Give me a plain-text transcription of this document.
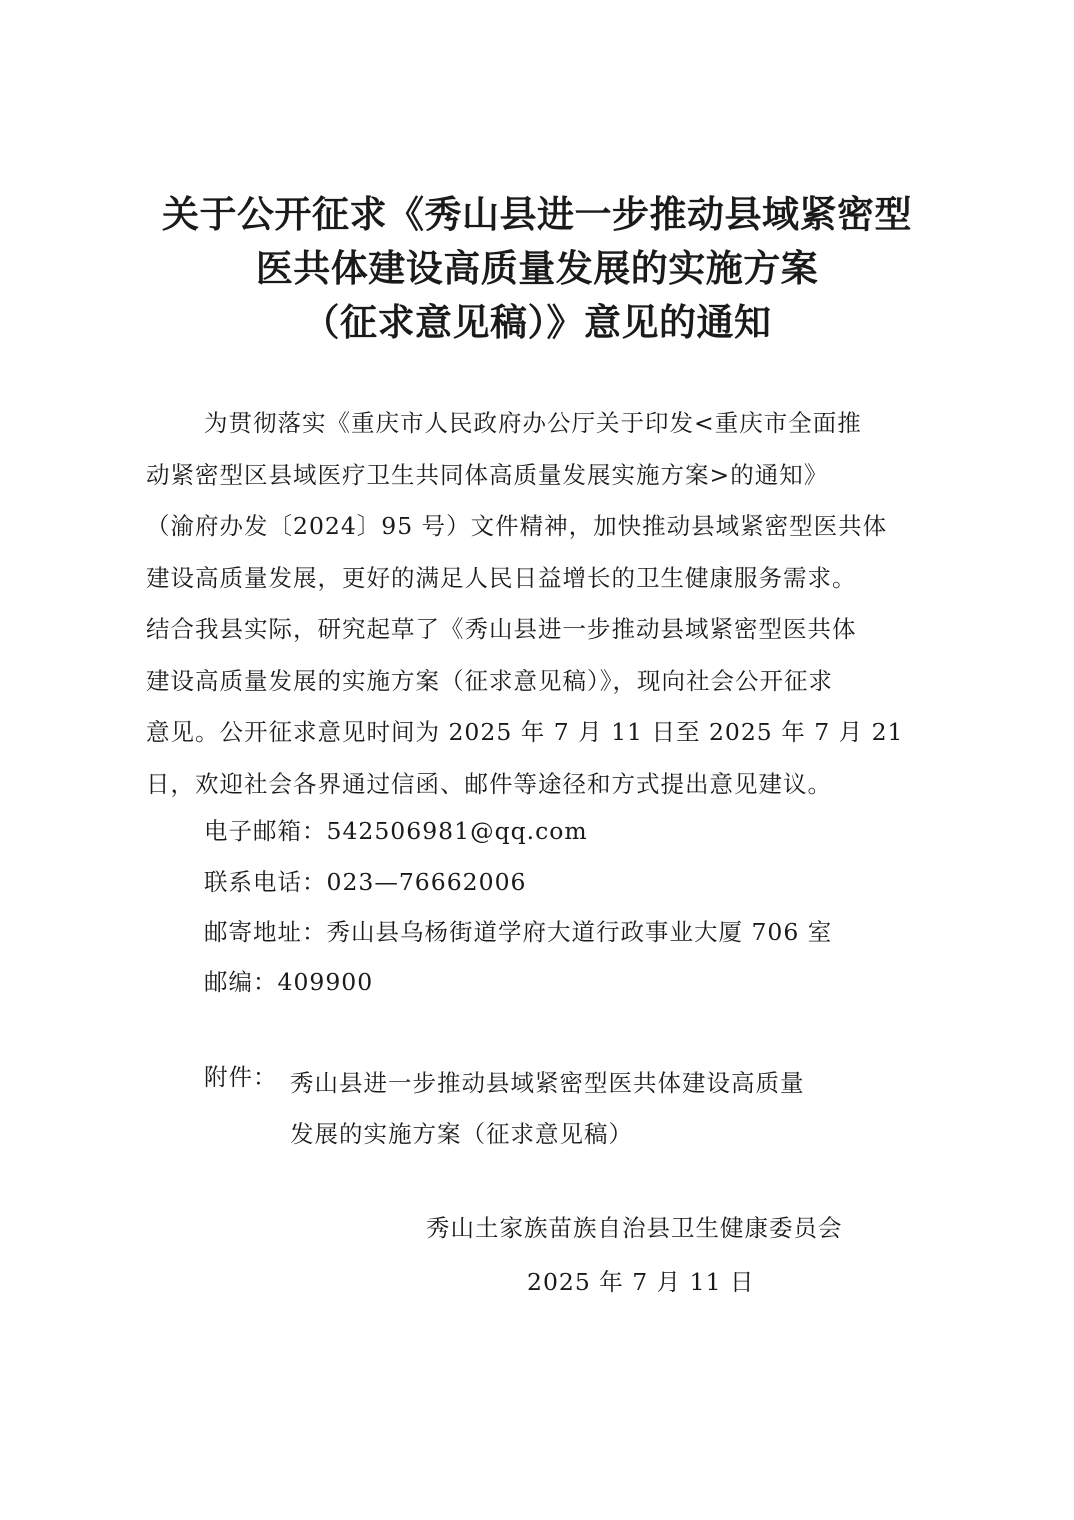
关于公开征求《秀山县进一步推动县域紧密型
医共体建设高质量发展的实施方案
（征求意见稿）》意见的通知
为贯彻落实《重庆市人民政府办公厅关于印发<重庆市全面推
动紧密型区县域医疗卫生共同体高质量发展实施方案>的通知》
（渝府办发〔2024〕95 号）文件精神，加快推动县域紧密型医共体
建设高质量发展，更好的满足人民日益增长的卫生健康服务需求。
结合我县实际，研究起草了《秀山县进一步推动县域紧密型医共体
建设高质量发展的实施方案（征求意见稿）》，现向社会公开征求
意见。公开征求意见时间为 2025 年 7 月 11 日至 2025 年 7 月 21
日，欢迎社会各界通过信函、邮件等途径和方式提出意见建议。
电子邮箱：542506981@qq.com
联系电话：023—76662006
邮寄地址：秀山县乌杨街道学府大道行政事业大厦 706 室
邮编：409900
附件： 秀山县进一步推动县域紧密型医共体建设高质量
发展的实施方案（征求意见稿）
秀山土家族苗族自治县卫生健康委员会
2025 年 7 月 11 日
